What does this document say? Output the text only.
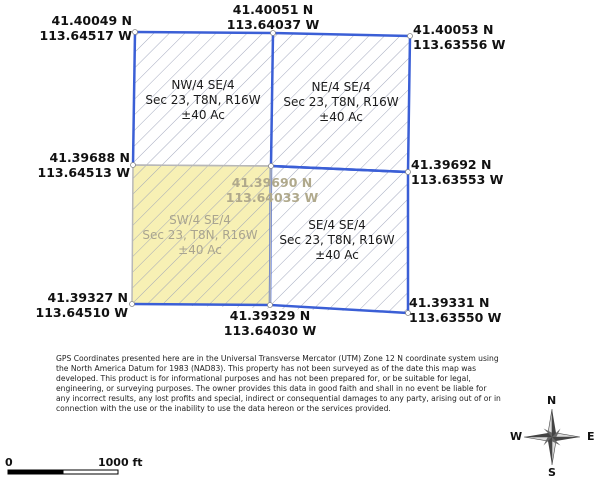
NW/4 SE/4
Sec 23, T8N, R16W
±40 Ac
NE/4 SE/4
Sec 23, T8N, R16W
±40 Ac
SW/4 SE/4
Sec 23, T8N, R16W
±40 Ac
SE/4 SE/4
Sec 23, T8N, R16W
±40 Ac
41.40049 N
113.64517 W
41.40051 N
113.64037 W	41.40053 N
113.63556 W
41.39688 N
113.64513 W
41.39690 N
113.64033 W
41.39692 N
113.63553 W
41.39327 N
113.64510 W	41.39329 N
113.64030 W
41.39331 N
113.63550 W
GPS Coordinates presented here are in the Universal Transverse Mercator (UTM) Zone 12 N coordinate system using the North America Datum for 1983 (NAD83). This property has not been surveyed as of the date this map was developed. This product is for informational purposes and has not been prepared for, or be suitable for legal, engineering, or surveying purposes. The owner provides this data in good faith and shall in no event be liable for any incorrect results, any lost profits and special, indirect or consequential damages to any party, arising out of or in connection with the use or the inability to use the data hereon or the services provided.
0	1000 ft
N
S
E
W
